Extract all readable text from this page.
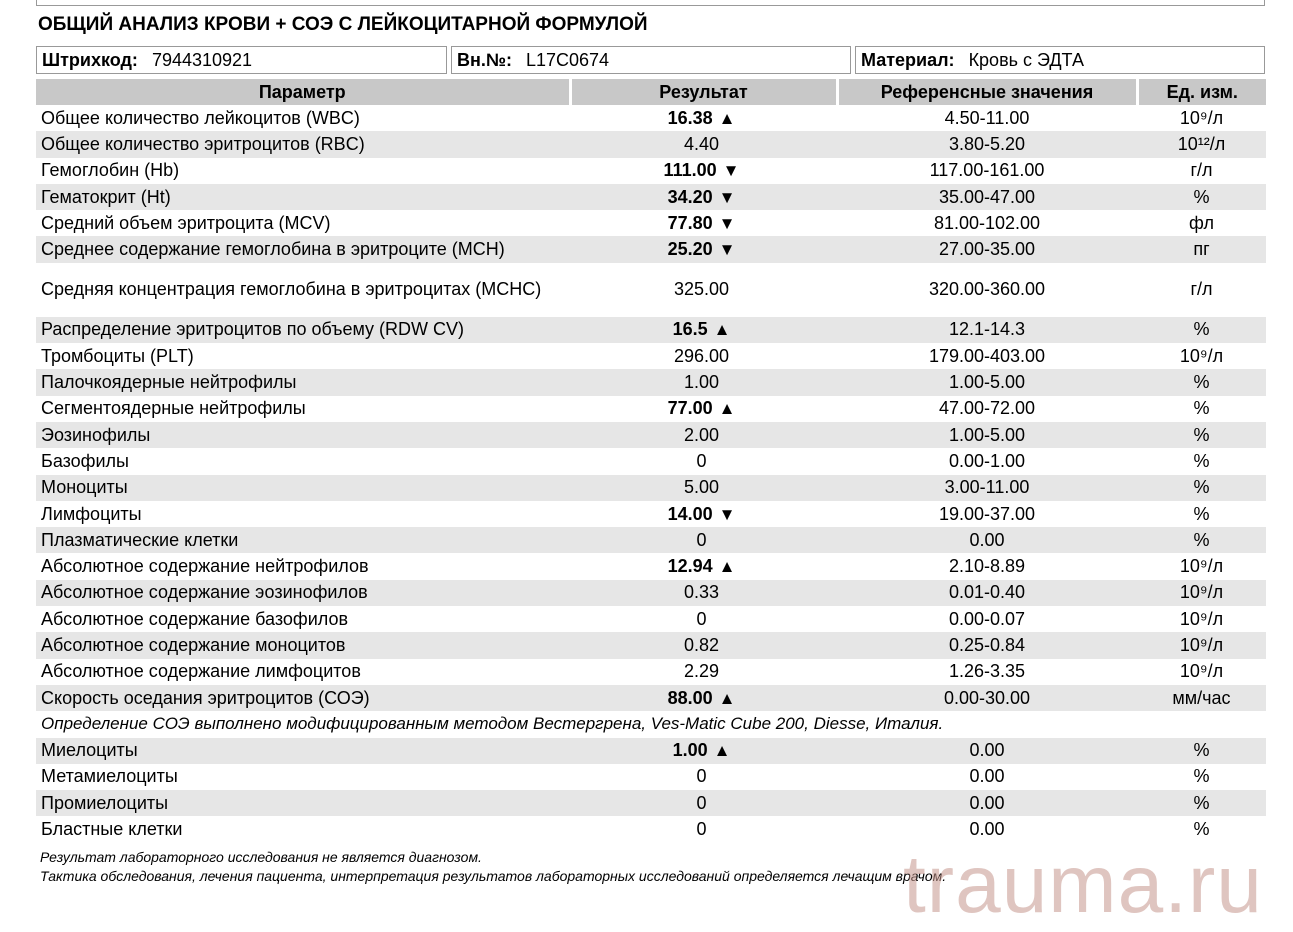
ОБЩИЙ АНАЛИЗ КРОВИ + СОЭ С ЛЕЙКОЦИТАРНОЙ ФОРМУЛОЙ
Штрихкод: 7944310921	Вн.№: L17C0674	Материал: Кровь с ЭДТА
Параметр	Результат	Референсные значения	Ед. изм.
Общее количество лейкоцитов (WBC)	16.38 ▲	4.50-11.00	10⁹/л
Общее количество эритроцитов (RBC)	4.40	3.80-5.20	10¹²/л
Гемоглобин (Hb)	111.00 ▼	117.00-161.00	г/л
Гематокрит (Ht)	34.20 ▼	35.00-47.00	%
Средний объем эритроцита (MCV)	77.80 ▼	81.00-102.00	фл
Среднее содержание гемоглобина в эритроците (MCH)	25.20 ▼	27.00-35.00	пг
Средняя концентрация гемоглобина в эритроцитах (MCHC)	325.00	320.00-360.00	г/л
Распределение эритроцитов по объему (RDW CV)	16.5 ▲	12.1-14.3	%
Тромбоциты (PLT)	296.00	179.00-403.00	10⁹/л
Палочкоядерные нейтрофилы	1.00	1.00-5.00	%
Сегментоядерные нейтрофилы	77.00 ▲	47.00-72.00	%
Эозинофилы	2.00	1.00-5.00	%
Базофилы	0	0.00-1.00	%
Моноциты	5.00	3.00-11.00	%
Лимфоциты	14.00 ▼	19.00-37.00	%
Плазматические клетки	0	0.00	%
Абсолютное содержание нейтрофилов	12.94 ▲	2.10-8.89	10⁹/л
Абсолютное содержание эозинофилов	0.33	0.01-0.40	10⁹/л
Абсолютное содержание базофилов	0	0.00-0.07	10⁹/л
Абсолютное содержание моноцитов	0.82	0.25-0.84	10⁹/л
Абсолютное содержание лимфоцитов	2.29	1.26-3.35	10⁹/л
Скорость оседания эритроцитов (СОЭ)	88.00 ▲	0.00-30.00	мм/час
Определение СОЭ выполнено модифицированным методом Вестергрена, Ves-Matic Cube 200, Diesse, Италия.			
Миелоциты	1.00 ▲	0.00	%
Метамиелоциты	0	0.00	%
Промиелоциты	0	0.00	%
Бластные клетки	0	0.00	%
Результат лабораторного исследования не является диагнозом.
Тактика обследования, лечения пациента, интерпретация результатов лабораторных исследований определяется лечащим врачом.
trauma.ru
